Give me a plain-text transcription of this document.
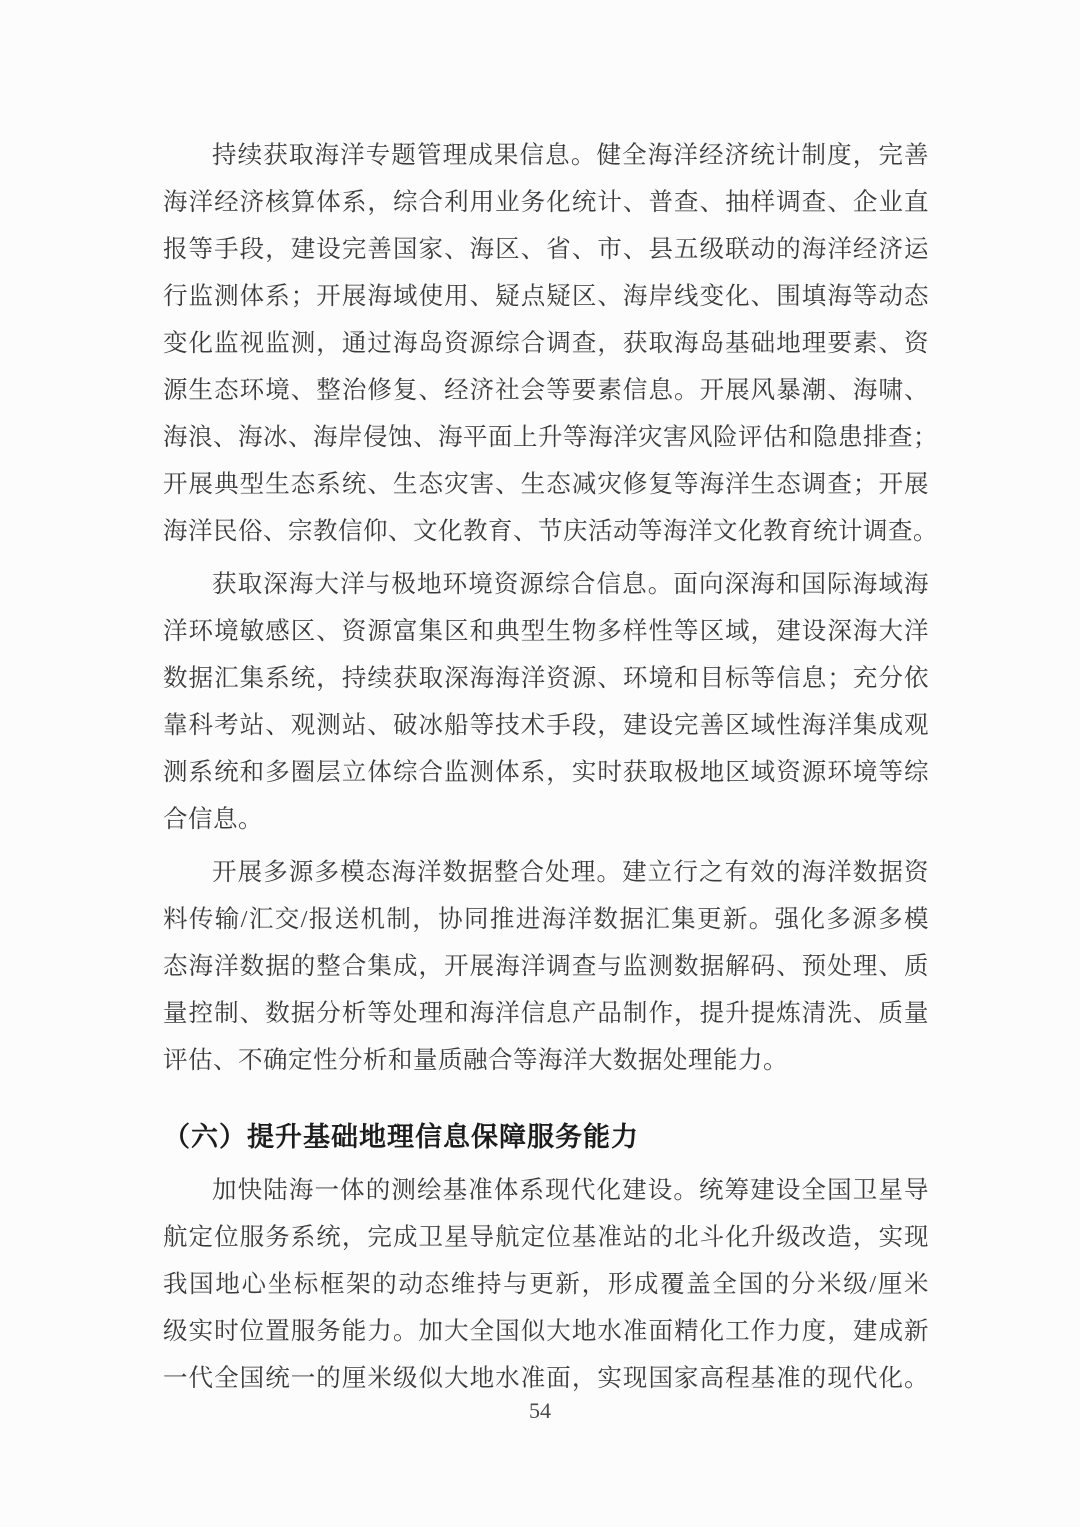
持续获取海洋专题管理成果信息。健全海洋经济统计制度，完善
海洋经济核算体系，综合利用业务化统计、普查、抽样调查、企业直
报等手段，建设完善国家、海区、省、市、县五级联动的海洋经济运
行监测体系；开展海域使用、疑点疑区、海岸线变化、围填海等动态
变化监视监测，通过海岛资源综合调查，获取海岛基础地理要素、资
源生态环境、整治修复、经济社会等要素信息。开展风暴潮、海啸、
海浪、海冰、海岸侵蚀、海平面上升等海洋灾害风险评估和隐患排查；
开展典型生态系统、生态灾害、生态减灾修复等海洋生态调查；开展
海洋民俗、宗教信仰、文化教育、节庆活动等海洋文化教育统计调查。

获取深海大洋与极地环境资源综合信息。面向深海和国际海域海
洋环境敏感区、资源富集区和典型生物多样性等区域，建设深海大洋
数据汇集系统，持续获取深海海洋资源、环境和目标等信息；充分依
靠科考站、观测站、破冰船等技术手段，建设完善区域性海洋集成观
测系统和多圈层立体综合监测体系，实时获取极地区域资源环境等综
合信息。

开展多源多模态海洋数据整合处理。建立行之有效的海洋数据资
料传输/汇交/报送机制，协同推进海洋数据汇集更新。强化多源多模
态海洋数据的整合集成，开展海洋调查与监测数据解码、预处理、质
量控制、数据分析等处理和海洋信息产品制作，提升提炼清洗、质量
评估、不确定性分析和量质融合等海洋大数据处理能力。

（六）提升基础地理信息保障服务能力

加快陆海一体的测绘基准体系现代化建设。统筹建设全国卫星导
航定位服务系统，完成卫星导航定位基准站的北斗化升级改造，实现
我国地心坐标框架的动态维持与更新，形成覆盖全国的分米级/厘米
级实时位置服务能力。加大全国似大地水准面精化工作力度，建成新
一代全国统一的厘米级似大地水准面，实现国家高程基准的现代化。

54
